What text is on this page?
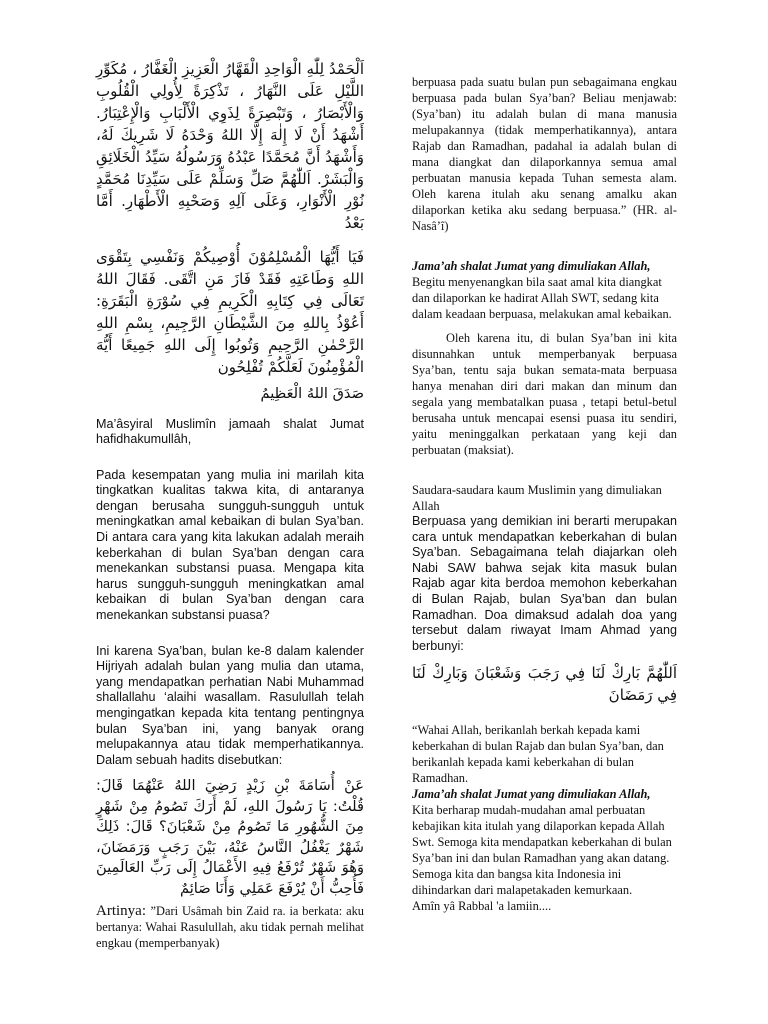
اَلْحَمْدُ لِلّٰهِ الْوَاحِدِ الْقَهَّارُ الْعَزِيزِ الْغَفَّارُ ، مُكَوِّرِ اللَّيْلِ عَلَى النَّهَارُ ، تَذْكِرَةً لِأُولِي الْقُلُوبِ وَالْأَبْصَارُ ، وَتَبْصِرَةً لِذَوِي الْأَلْبَابِ وَالْإِعْتِبَارُ. أَشْهَدُ أَنْ لَا إِلٰهَ إِلَّا اللهُ وَحْدَهُ لَا شَرِيكَ لَهُ، وَأَشْهَدُ أَنَّ مُحَمَّدًا عَبْدُهُ وَرَسُولُهُ سَيِّدُ الْخَلَائِقِ وَالْبَشَرْ. اَللّٰهُمَّ صَلِّ وَسَلِّمْ عَلَى سَيِّدِنَا مُحَمَّدٍ نُوْرِ الْأَنْوَارِ، وَعَلَى آلِهِ وَصَحْبِهِ الْأَطْهَارِ. أَمَّا بَعْدُ

فَيَا أَيُّهَا الْمُسْلِمُوْنَ أُوْصِيكُمْ وَنَفْسِي بِتَقْوَى اللهِ وَطَاعَتِهِ فَقَدْ فَازَ مَنِ اتَّقَى. فَقَالَ اللهُ تَعَالَى فِي كِتَابِهِ الْكَرِيمِ فِي سُوْرَةِ الْبَقَرَةِ: أَعُوْذُ بِاللهِ مِنَ الشَّيْطَانِ الرَّجِيمِ، بِسْمِ اللهِ الرَّحْمٰنِ الرَّحِيمِ وَتُوبُوا إِلَى اللهِ جَمِيعًا أَيُّهَ الْمُؤْمِنُونَ لَعَلَّكُمْ تُفْلِحُون

صَدَقَ اللهُ الْعَظِيمُ

Ma’âsyiral Muslimîn jamaah shalat Jumat hafidhakumullâh,

Pada kesempatan yang mulia ini marilah kita tingkatkan kualitas takwa kita, di antaranya dengan berusaha sungguh-sungguh untuk meningkatkan amal kebaikan di bulan Sya’ban. Di antara cara yang kita lakukan adalah meraih keberkahan di bulan Sya’ban dengan cara menekankan substansi puasa. Mengapa kita harus sungguh-sungguh meningkatkan amal kebaikan di bulan Sya’ban dengan cara menekankan substansi puasa?

Ini karena Sya’ban, bulan ke-8 dalam kalender Hijriyah adalah bulan yang mulia dan utama, yang mendapatkan perhatian Nabi Muhammad shallallahu ‘alaihi wasallam. Rasulullah telah mengingatkan kepada kita tentang pentingnya bulan Sya’ban ini, yang banyak orang melupakannya atau tidak memperhatikannya. Dalam sebuah hadits disebutkan:

عَنْ أُسَامَةَ بْنِ زَيْدٍ رَضِيَ اللهُ عَنْهُمَا قَالَ: قُلْتُ: يَا رَسُولَ اللهِ، لَمْ أَرَكَ تَصُومُ مِنْ شَهْرٍ مِنَ الشُّهُورِ مَا تَصُومُ مِنْ شَعْبَانَ؟ قَالَ: ذَلِكَ شَهْرٌ يَغْفُلُ النَّاسُ عَنْهُ، بَيْنَ رَجَبٍ وَرَمَضَانَ، وَهُوَ شَهْرٌ تُرْفَعُ فِيهِ الأَعْمَالُ إِلَى رَبِّ العَالَمِينَ فَأُحِبُّ أَنْ يُرْفَعَ عَمَلِي وَأَنَا صَائِمٌ

Artinya: ”Dari Usâmah bin Zaid ra. ia berkata: aku bertanya: Wahai Rasulullah, aku tidak pernah melihat engkau (memperbanyak)

berpuasa pada suatu bulan pun sebagaimana engkau berpuasa pada bulan Sya’ban? Beliau menjawab: (Sya’ban) itu adalah bulan di mana manusia melupakannya (tidak memperhatikannya), antara Rajab dan Ramadhan, padahal ia adalah bulan di mana diangkat dan dilaporkannya semua amal perbuatan manusia kepada Tuhan semesta alam. Oleh karena itulah aku senang amalku akan dilaporkan ketika aku sedang berpuasa.” (HR. al-Nasâ’î)

Jama’ah shalat Jumat yang dimuliakan Allah,

Begitu menyenangkan bila saat amal kita diangkat dan dilaporkan ke hadirat Allah SWT, sedang kita dalam keadaan berpuasa, melakukan amal kebaikan.

Oleh karena itu, di bulan Sya’ban ini kita disunnahkan untuk memperbanyak berpuasa Sya’ban, tentu saja bukan semata-mata berpuasa hanya menahan diri dari makan dan minum dan segala yang membatalkan puasa , tetapi betul-betul berusaha untuk mencapai esensi puasa itu sendiri, yaitu meninggalkan perkataan yang keji dan perbuatan (maksiat).

Saudara-saudara kaum Muslimin yang dimuliakan Allah

Berpuasa yang demikian ini berarti merupakan cara untuk mendapatkan keberkahan di bulan Sya’ban. Sebagaimana telah diajarkan oleh Nabi SAW bahwa sejak kita masuk bulan Rajab agar kita berdoa memohon keberkahan di Bulan Rajab, bulan Sya’ban dan bulan Ramadhan. Doa dimaksud adalah doa yang tersebut dalam riwayat Imam Ahmad yang berbunyi:

اَللّٰهُمَّ بَارِكْ لَنَا فِي رَجَبَ وَشَعْبَانَ وَبَارِكْ لَنَا فِي رَمَضَانَ

“Wahai Allah, berikanlah berkah kepada kami keberkahan di bulan Rajab dan bulan Sya’ban, dan berikanlah kepada kami keberkahan di bulan Ramadhan.

Jama’ah shalat Jumat yang dimuliakan Allah,

Kita berharap mudah-mudahan amal perbuatan kebajikan kita itulah yang dilaporkan kepada Allah Swt. Semoga kita mendapatkan keberkahan di bulan Sya’ban ini dan bulan Ramadhan yang akan datang.

Semoga kita dan bangsa kita Indonesia ini dihindarkan dari malapetakaden kemurkaan.

Amîn yâ Rabbal 'a lamiin....
